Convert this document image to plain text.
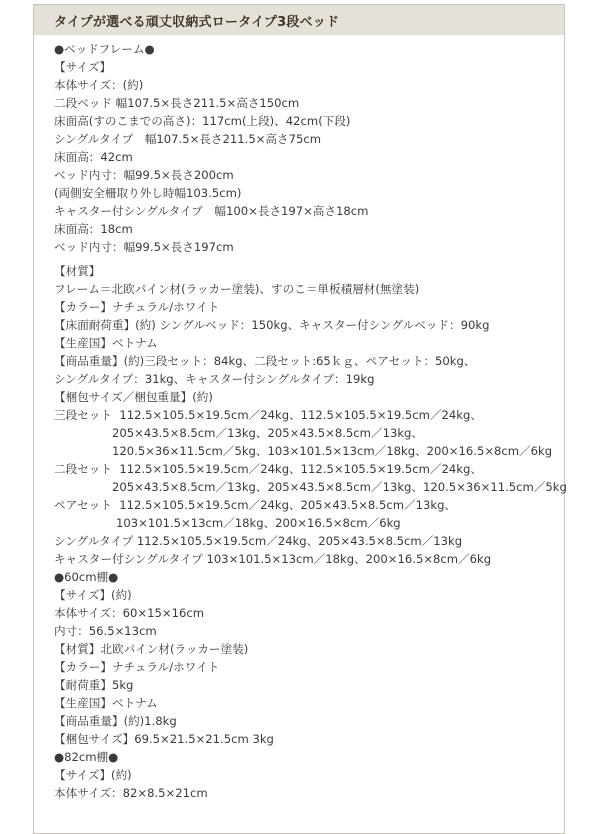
タイプが選べる頑丈収納式ロータイプ3段ベッド
●ベッドフレーム●
【サイズ】
本体サイズ：(約)
二段ベッド 幅107.5×長さ211.5×高さ150cm
床面高(すのこまでの高さ)：117cm(上段)、42cm(下段)
シングルタイプ　幅107.5×長さ211.5×高さ75cm
床面高：42cm
ベッド内寸：幅99.5×長さ200cm
(両側安全柵取り外し時幅103.5cm)
キャスター付シングルタイプ　幅100×長さ197×高さ18cm
床面高：18cm
ベッド内寸：幅99.5×長さ197cm
【材質】
フレーム＝北欧パイン材(ラッカー塗装)、すのこ＝単板積層材(無塗装)
【カラー】ナチュラル/ホワイト
【床面耐荷重】(約) シングルベッド：150kg、キャスター付シングルベッド：90kg
【生産国】ベトナム
【商品重量】(約)三段セット：84kg、二段セット:65ｋｇ、ペアセット：50kg、
シングルタイプ：31kg、キャスター付シングルタイプ：19kg
【梱包サイズ／梱包重量】(約)
三段セット
112.5×105.5×19.5cm／24kg、112.5×105.5×19.5cm／24kg、
205×43.5×8.5cm／13kg、205×43.5×8.5cm／13kg、
120.5×36×11.5cm／5kg、103×101.5×13cm／18kg、200×16.5×8cm／6kg
二段セット
112.5×105.5×19.5cm／24kg、112.5×105.5×19.5cm／24kg、
205×43.5×8.5cm／13kg、205×43.5×8.5cm／13kg、120.5×36×11.5cm／5kg
ペアセット
112.5×105.5×19.5cm／24kg、205×43.5×8.5cm／13kg、
103×101.5×13cm／18kg、200×16.5×8cm／6kg
シングルタイプ 112.5×105.5×19.5cm／24kg、205×43.5×8.5cm／13kg
キャスター付シングルタイプ 103×101.5×13cm／18kg、200×16.5×8cm／6kg
●60cm棚●
【サイズ】(約)
本体サイズ：60×15×16cm
内寸：56.5×13cm
【材質】北欧パイン材(ラッカー塗装)
【カラー】ナチュラル/ホワイト
【耐荷重】5kg
【生産国】ベトナム
【商品重量】(約)1.8kg
【梱包サイズ】69.5×21.5×21.5cm 3kg
●82cm棚●
【サイズ】(約)
本体サイズ：82×8.5×21cm
